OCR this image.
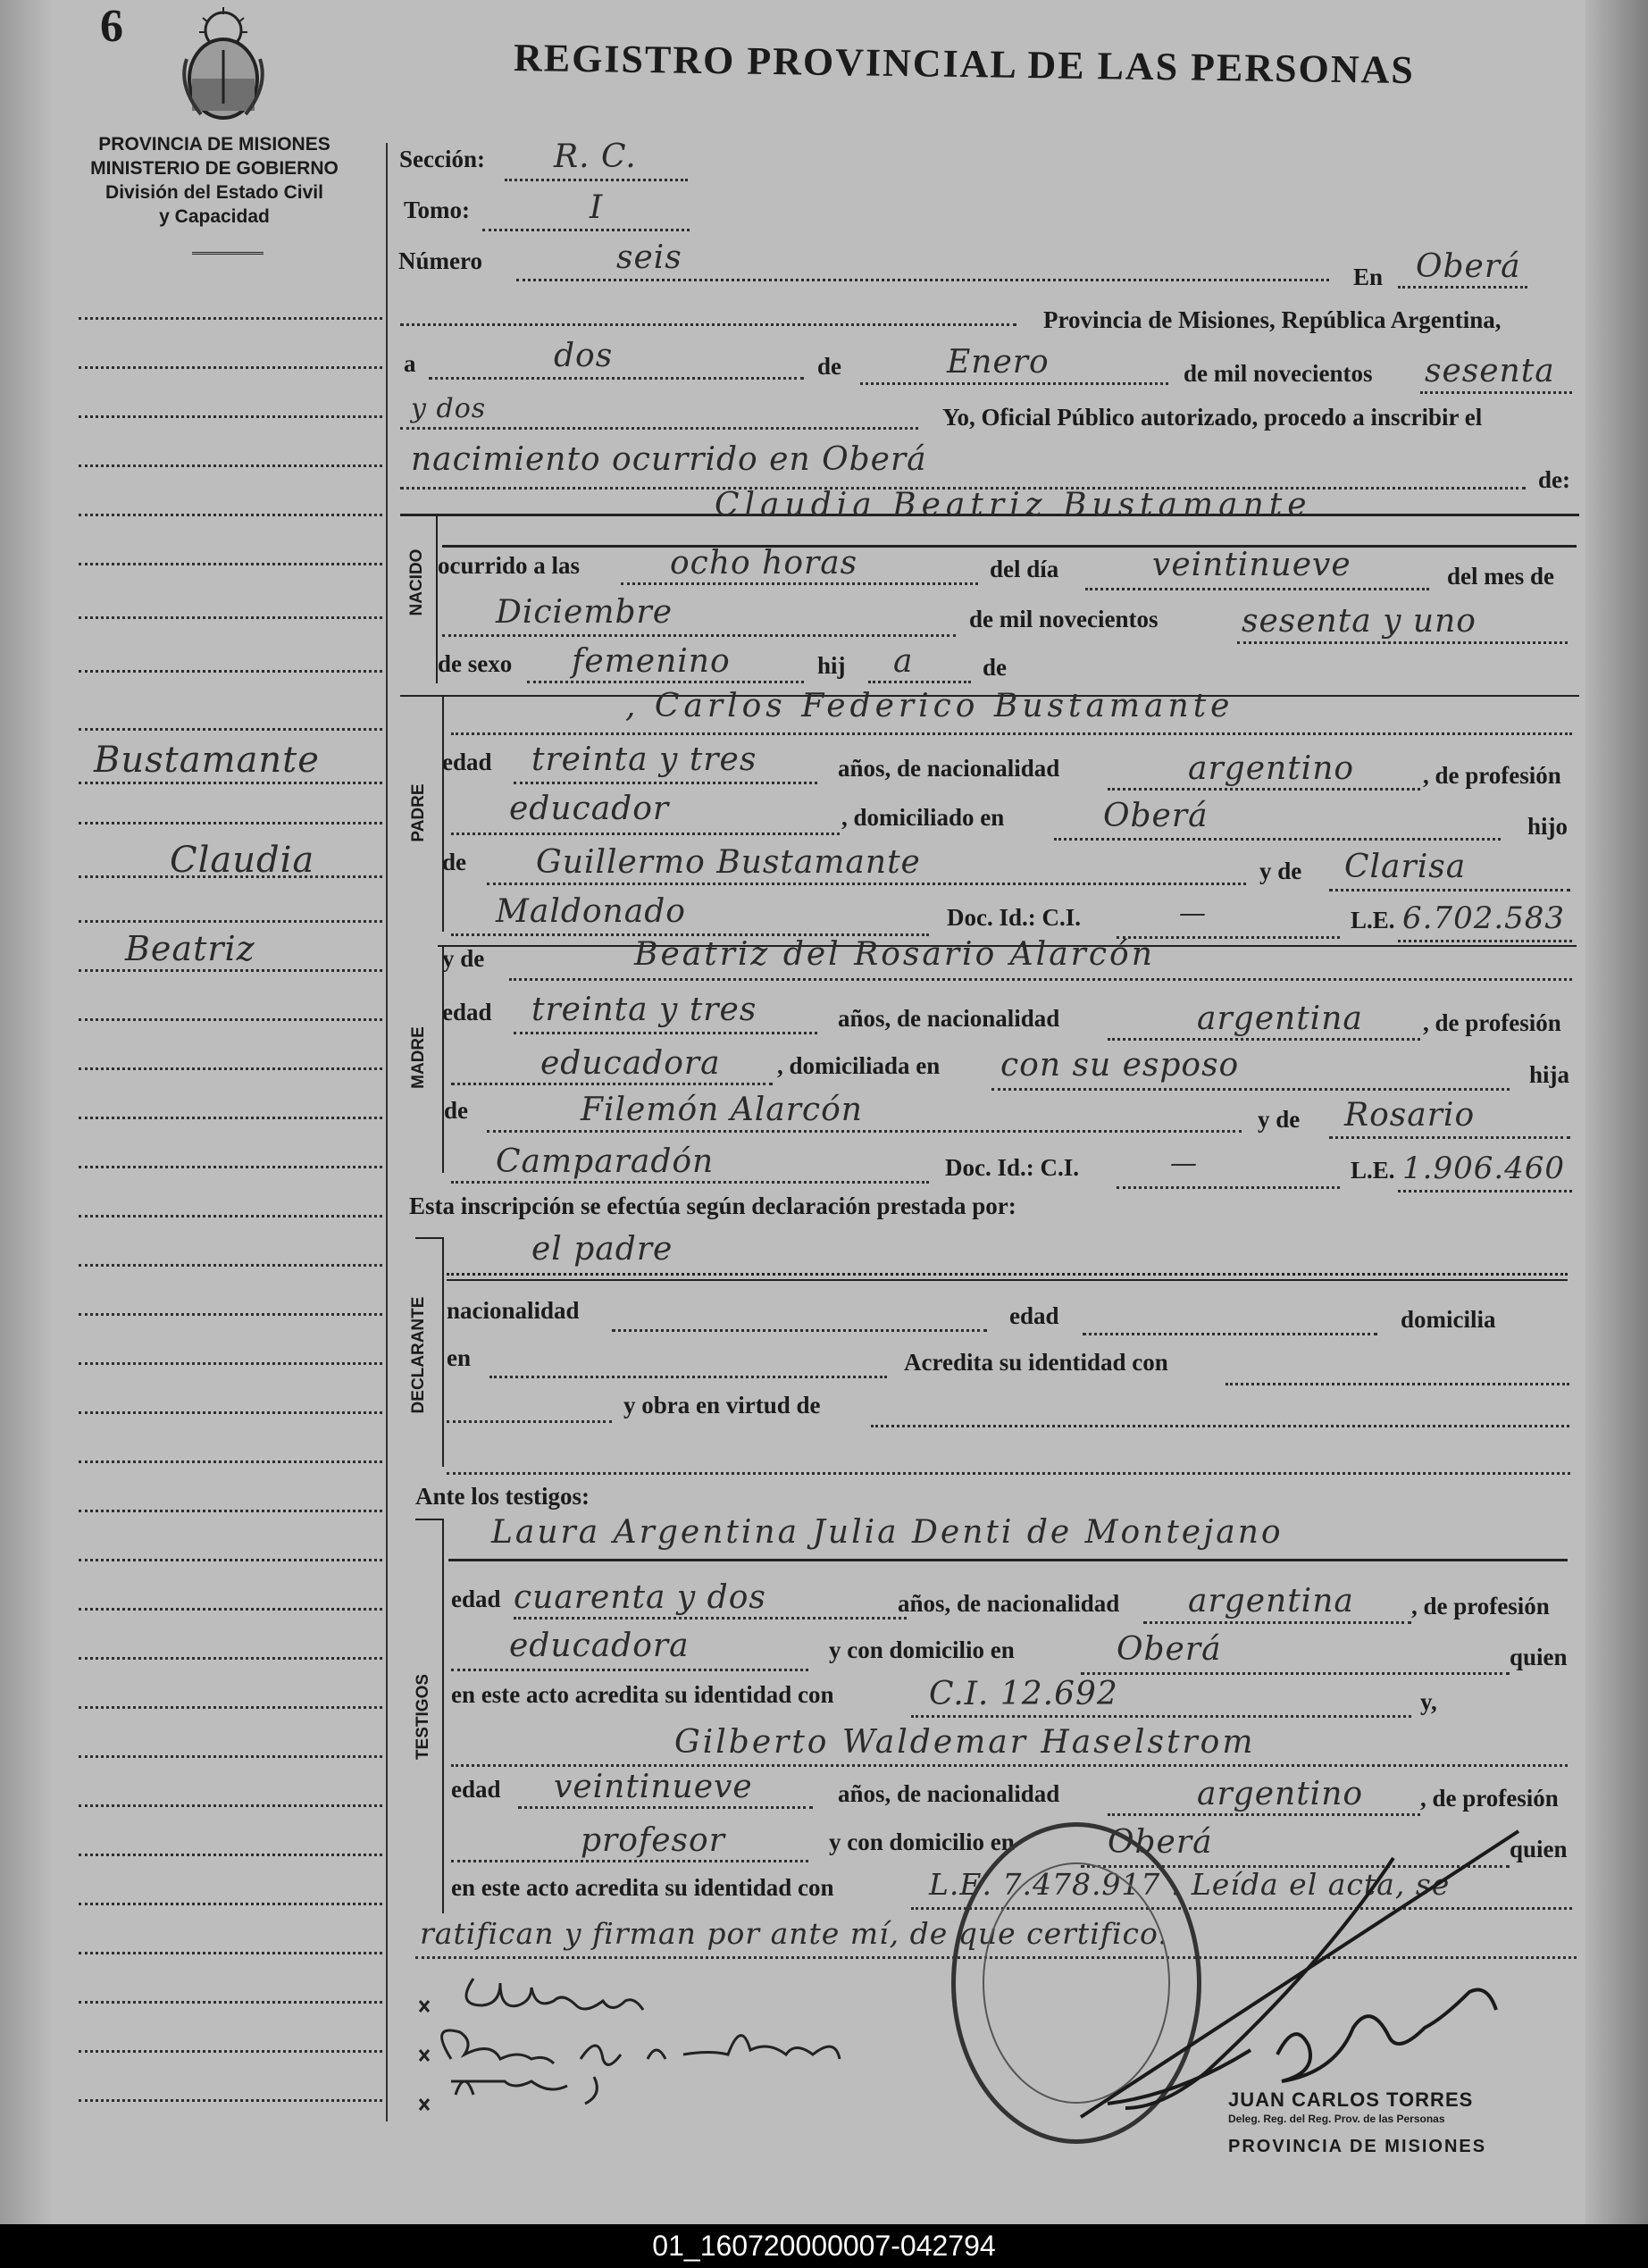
6
REGISTRO PROVINCIAL DE LAS PERSONAS
PROVINCIA DE MISIONES
MINISTERIO DE GOBIERNO
División del Estado Civil
y Capacidad
Bustamante
Claudia
Beatriz
Sección: R. C.
Tomo:	I
Número	seis
En Oberá
Provincia de Misiones, República Argentina,
a	dos	de	Enero	de mil novecientos sesenta
y dos	Yo, Oficial Público autorizado, procedo a inscribir el
nacimiento ocurrido en Oberá
de:
NACIDO
Claudia Beatriz Bustamante
ocurrido a las	ocho horas	del día	veintinueve	del mes de
Diciembre	de mil novecientos	sesenta y uno
de sexo femenino	hij a	de
PADRE
, Carlos Federico Bustamante
edad treinta y tres	años, de nacionalidad	argentino	, de profesión
educador	, domiciliado en	Oberá	hijo
de Guillermo Bustamante	y de Clarisa
Maldonado	Doc. Id.: C.I.	—	L.E. 6.702.583
MADRE
y de	Beatriz del Rosario Alarcón
edad treinta y tres	años, de nacionalidad	argentina , de profesión
educadora , domiciliada en con su esposo	hija
de	Filemón Alarcón	y de Rosario
Camparadón	Doc. Id.: C.I.	—	L.E. 1.906.460
Esta inscripción se efectúa según declaración prestada por:
DECLARANTE
el padre
nacionalidad	edad	domicilia
en	Acredita su identidad con
y obra en virtud de
Ante los testigos:
TESTIGOS
Laura Argentina Julia Denti de Montejano
edad cuarenta y dos	años, de nacionalidad argentina , de profesión
educadora	y con domicilio en	Oberá	quien
en este acto acredita su identidad con	C.I. 12.692	y,
Gilberto Waldemar Haselstrom
edad veintinueve	años, de nacionalidad	argentino , de profesión
profesor	y con domicilio en	Oberá	quien
en este acto acredita su identidad con	L.E. 7.478.917 . Leída el acta, se
ratifican y firman por ante mí, de que certifico.
JUAN CARLOS TORRES
Deleg. Reg. del Reg. Prov. de las Personas
PROVINCIA DE MISIONES
01_160720000007-042794
